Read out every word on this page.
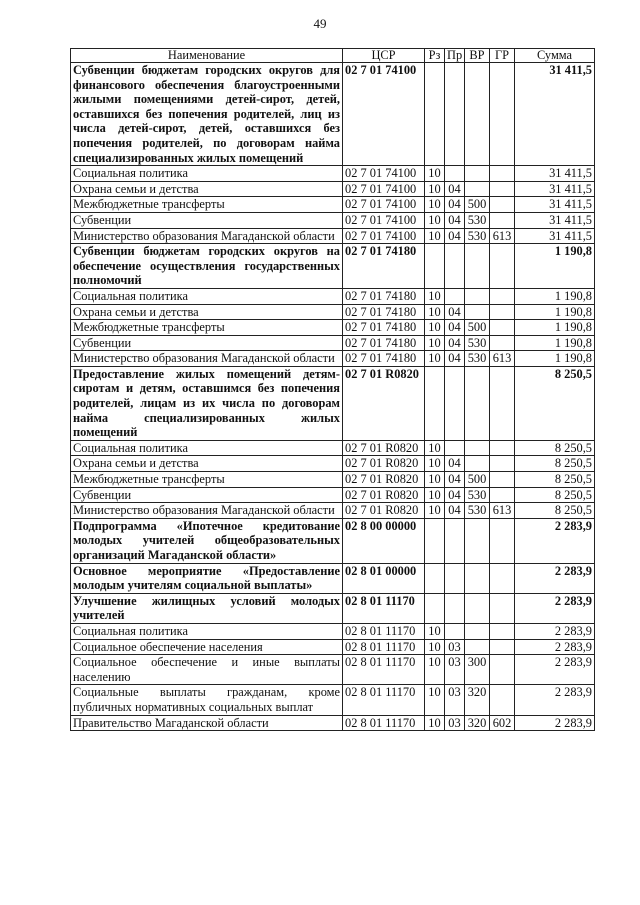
49
Наименование	ЦСР	Рз	Пр	ВР	ГР	Сумма
Субвенции бюджетам городских округов для финансового обеспечения благоустроенными жилыми помещениями детей-сирот, детей, оставшихся без попечения родителей, лиц из числа детей-сирот, детей, оставшихся без попечения родителей, по договорам найма специализированных жилых помещений	02 7 01 74100					31 411,5
Социальная политика	02 7 01 74100	10				31 411,5
Охрана семьи и детства	02 7 01 74100	10	04			31 411,5
Межбюджетные трансферты	02 7 01 74100	10	04	500		31 411,5
Субвенции	02 7 01 74100	10	04	530		31 411,5
Министерство образования Магаданской области	02 7 01 74100	10	04	530	613	31 411,5
Субвенции бюджетам городских округов на обеспечение осуществления государственных полномочий	02 7 01 74180					1 190,8
Социальная политика	02 7 01 74180	10				1 190,8
Охрана семьи и детства	02 7 01 74180	10	04			1 190,8
Межбюджетные трансферты	02 7 01 74180	10	04	500		1 190,8
Субвенции	02 7 01 74180	10	04	530		1 190,8
Министерство образования Магаданской области	02 7 01 74180	10	04	530	613	1 190,8
Предоставление жилых помещений детям-сиротам и детям, оставшимся без попечения родителей, лицам из их числа по договорам найма специализированных жилых помещений	02 7 01 R0820					8 250,5
Социальная политика	02 7 01 R0820	10				8 250,5
Охрана семьи и детства	02 7 01 R0820	10	04			8 250,5
Межбюджетные трансферты	02 7 01 R0820	10	04	500		8 250,5
Субвенции	02 7 01 R0820	10	04	530		8 250,5
Министерство образования Магаданской области	02 7 01 R0820	10	04	530	613	8 250,5
Подпрограмма «Ипотечное кредитование молодых учителей общеобразовательных организаций Магаданской области»	02 8 00 00000					2 283,9
Основное мероприятие «Предоставление молодым учителям социальной выплаты»	02 8 01 00000					2 283,9
Улучшение жилищных условий молодых учителей	02 8 01 11170					2 283,9
Социальная политика	02 8 01 11170	10				2 283,9
Социальное обеспечение населения	02 8 01 11170	10	03			2 283,9
Социальное обеспечение и иные выплаты населению	02 8 01 11170	10	03	300		2 283,9
Социальные выплаты гражданам, кроме публичных нормативных социальных выплат	02 8 01 11170	10	03	320		2 283,9
Правительство Магаданской области	02 8 01 11170	10	03	320	602	2 283,9
